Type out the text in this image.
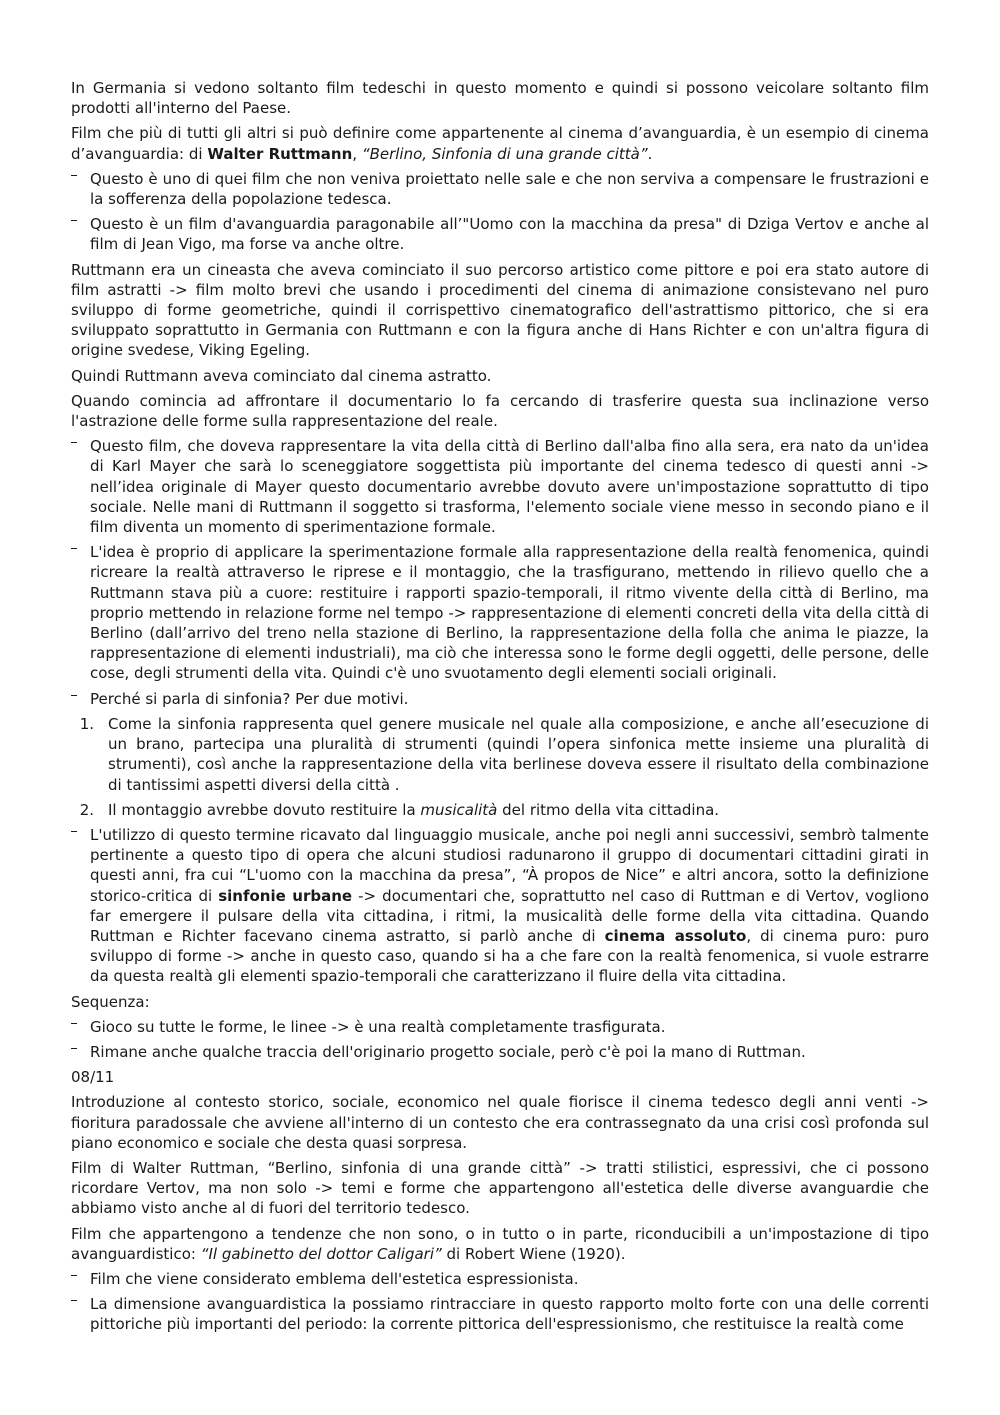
In Germania si vedono soltanto film tedeschi in questo momento e quindi si possono veicolare soltanto film prodotti all'interno del Paese.

Film che più di tutti gli altri si può definire come appartenente al cinema d’avanguardia, è un esempio di cinema d’avanguardia: di Walter Ruttmann, “Berlino, Sinfonia di una grande città”.

Questo è uno di quei film che non veniva proiettato nelle sale e che non serviva a compensare le frustrazioni e la sofferenza della popolazione tedesca.
Questo è un film d'avanguardia paragonabile all’"Uomo con la macchina da presa" di Dziga Vertov e anche al film di Jean Vigo, ma forse va anche oltre.

Ruttmann era un cineasta che aveva cominciato il suo percorso artistico come pittore e poi era stato autore di film astratti -> film molto brevi che usando i procedimenti del cinema di animazione consistevano nel puro sviluppo di forme geometriche, quindi il corrispettivo cinematografico dell'astrattismo pittorico, che si era sviluppato soprattutto in Germania con Ruttmann e con la figura anche di Hans Richter e con un'altra figura di origine svedese, Viking Egeling.

Quindi Ruttmann aveva cominciato dal cinema astratto.

Quando comincia ad affrontare il documentario lo fa cercando di trasferire questa sua inclinazione verso l'astrazione delle forme sulla rappresentazione del reale.

Questo film, che doveva rappresentare la vita della città di Berlino dall'alba fino alla sera, era nato da un'idea di Karl Mayer che sarà lo sceneggiatore soggettista più importante del cinema tedesco di questi anni -> nell’idea originale di Mayer questo documentario avrebbe dovuto avere un'impostazione soprattutto di tipo sociale. Nelle mani di Ruttmann il soggetto si trasforma, l'elemento sociale viene messo in secondo piano e il film diventa un momento di sperimentazione formale.
L'idea è proprio di applicare la sperimentazione formale alla rappresentazione della realtà fenomenica, quindi ricreare la realtà attraverso le riprese e il montaggio, che la trasfigurano, mettendo in rilievo quello che a Ruttmann stava più a cuore: restituire i rapporti spazio-temporali, il ritmo vivente della città di Berlino, ma proprio mettendo in relazione forme nel tempo -> rappresentazione di elementi concreti della vita della città di Berlino (dall’arrivo del treno nella stazione di Berlino, la rappresentazione della folla che anima le piazze, la rappresentazione di elementi industriali), ma ciò che interessa sono le forme degli oggetti, delle persone, delle cose, degli strumenti della vita. Quindi c'è uno svuotamento degli elementi sociali originali.
Perché si parla di sinfonia? Per due motivi.
1. Come la sinfonia rappresenta quel genere musicale nel quale alla composizione, e anche all’esecuzione di un brano, partecipa una pluralità di strumenti (quindi l’opera sinfonica mette insieme una pluralità di strumenti), così anche la rappresentazione della vita berlinese doveva essere il risultato della combinazione di tantissimi aspetti diversi della città .
2. Il montaggio avrebbe dovuto restituire la musicalità del ritmo della vita cittadina.
L'utilizzo di questo termine ricavato dal linguaggio musicale, anche poi negli anni successivi, sembrò talmente pertinente a questo tipo di opera che alcuni studiosi radunarono il gruppo di documentari cittadini girati in questi anni, fra cui “L'uomo con la macchina da presa”, “À propos de Nice” e altri ancora, sotto la definizione storico-critica di sinfonie urbane -> documentari che, soprattutto nel caso di Ruttman e di Vertov, vogliono far emergere il pulsare della vita cittadina, i ritmi, la musicalità delle forme della vita cittadina. Quando Ruttman e Richter facevano cinema astratto, si parlò anche di cinema assoluto, di cinema puro: puro sviluppo di forme -> anche in questo caso, quando si ha a che fare con la realtà fenomenica, si vuole estrarre da questa realtà gli elementi spazio-temporali che caratterizzano il fluire della vita cittadina.

Sequenza:

Gioco su tutte le forme, le linee -> è una realtà completamente trasfigurata.
Rimane anche qualche traccia dell'originario progetto sociale, però c'è poi la mano di Ruttman.

08/11

Introduzione al contesto storico, sociale, economico nel quale fiorisce il cinema tedesco degli anni venti -> fioritura paradossale che avviene all'interno di un contesto che era contrassegnato da una crisi così profonda sul piano economico e sociale che desta quasi sorpresa.

Film di Walter Ruttman, “Berlino, sinfonia di una grande città” -> tratti stilistici, espressivi, che ci possono ricordare Vertov, ma non solo -> temi e forme che appartengono all'estetica delle diverse avanguardie che abbiamo visto anche al di fuori del territorio tedesco.

Film che appartengono a tendenze che non sono, o in tutto o in parte, riconducibili a un'impostazione di tipo avanguardistico: “Il gabinetto del dottor Caligari” di Robert Wiene (1920).

Film che viene considerato emblema dell'estetica espressionista.
La dimensione avanguardistica la possiamo rintracciare in questo rapporto molto forte con una delle correnti pittoriche più importanti del periodo: la corrente pittorica dell'espressionismo, che restituisce la realtà come
